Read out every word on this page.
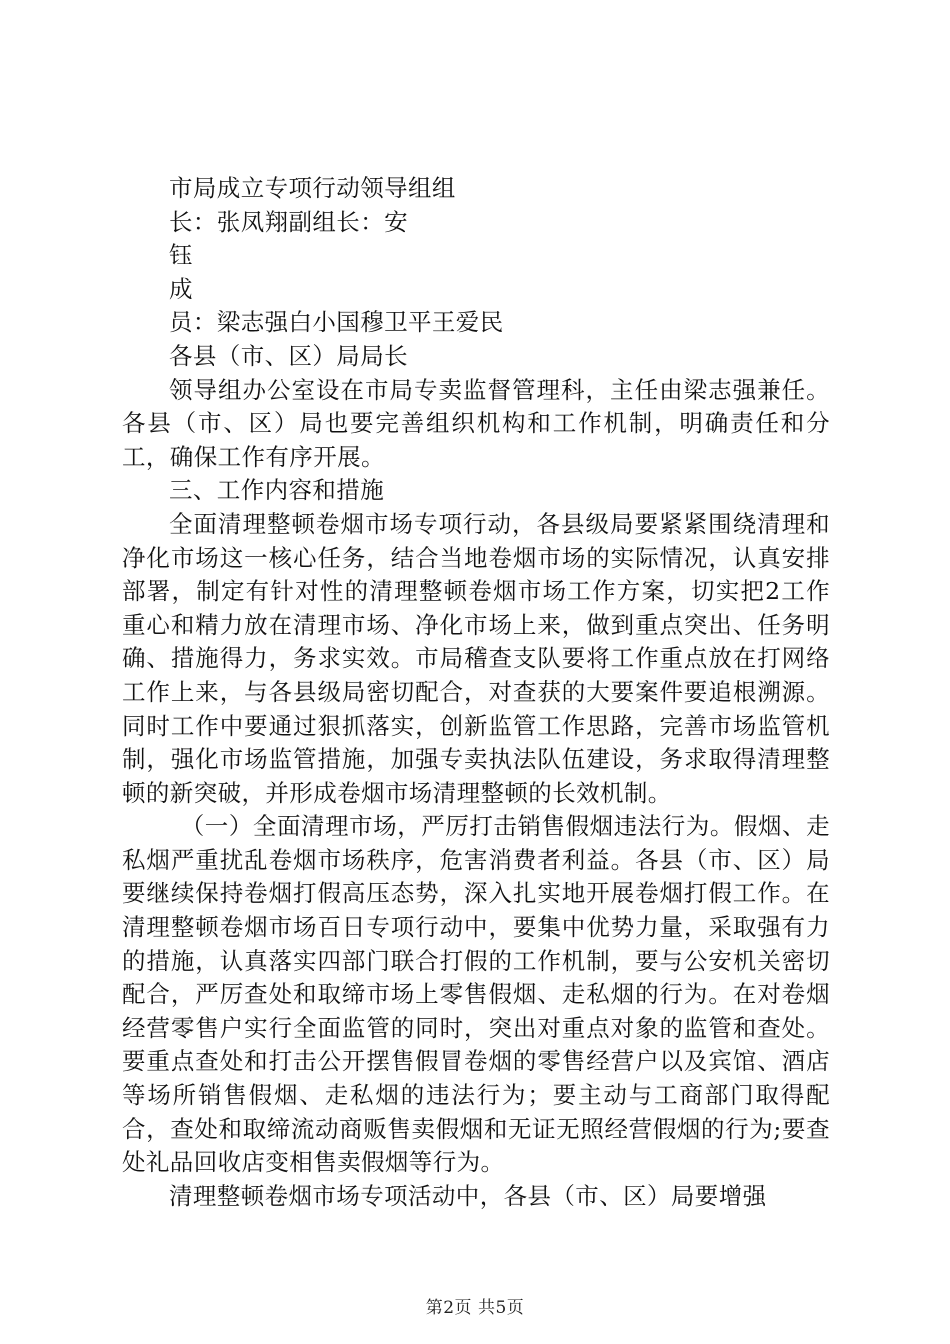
市局成立专项行动领导组组

长：张凤翔副组长：安

钰

成

员：梁志强白小国穆卫平王爱民

各县（市、区）局局长

领导组办公室设在市局专卖监督管理科，主任由梁志强兼任。各县（市、区）局也要完善组织机构和工作机制，明确责任和分工，确保工作有序开展。

三、工作内容和措施

全面清理整顿卷烟市场专项行动，各县级局要紧紧围绕清理和净化市场这一核心任务，结合当地卷烟市场的实际情况，认真安排部署，制定有针对性的清理整顿卷烟市场工作方案，切实把2工作重心和精力放在清理市场、净化市场上来，做到重点突出、任务明确、措施得力，务求实效。市局稽查支队要将工作重点放在打网络工作上来，与各县级局密切配合，对查获的大要案件要追根溯源。同时工作中要通过狠抓落实，创新监管工作思路，完善市场监管机制，强化市场监管措施，加强专卖执法队伍建设，务求取得清理整顿的新突破，并形成卷烟市场清理整顿的长效机制。

（一）全面清理市场，严厉打击销售假烟违法行为。假烟、走私烟严重扰乱卷烟市场秩序，危害消费者利益。各县（市、区）局要继续保持卷烟打假高压态势，深入扎实地开展卷烟打假工作。在清理整顿卷烟市场百日专项行动中，要集中优势力量，采取强有力的措施，认真落实四部门联合打假的工作机制，要与公安机关密切配合，严厉查处和取缔市场上零售假烟、走私烟的行为。在对卷烟经营零售户实行全面监管的同时，突出对重点对象的监管和查处。要重点查处和打击公开摆售假冒卷烟的零售经营户以及宾馆、酒店等场所销售假烟、走私烟的违法行为；要主动与工商部门取得配合，查处和取缔流动商贩售卖假烟和无证无照经营假烟的行为;要查处礼品回收店变相售卖假烟等行为。

清理整顿卷烟市场专项活动中，各县（市、区）局要增强

第2页 共5页
